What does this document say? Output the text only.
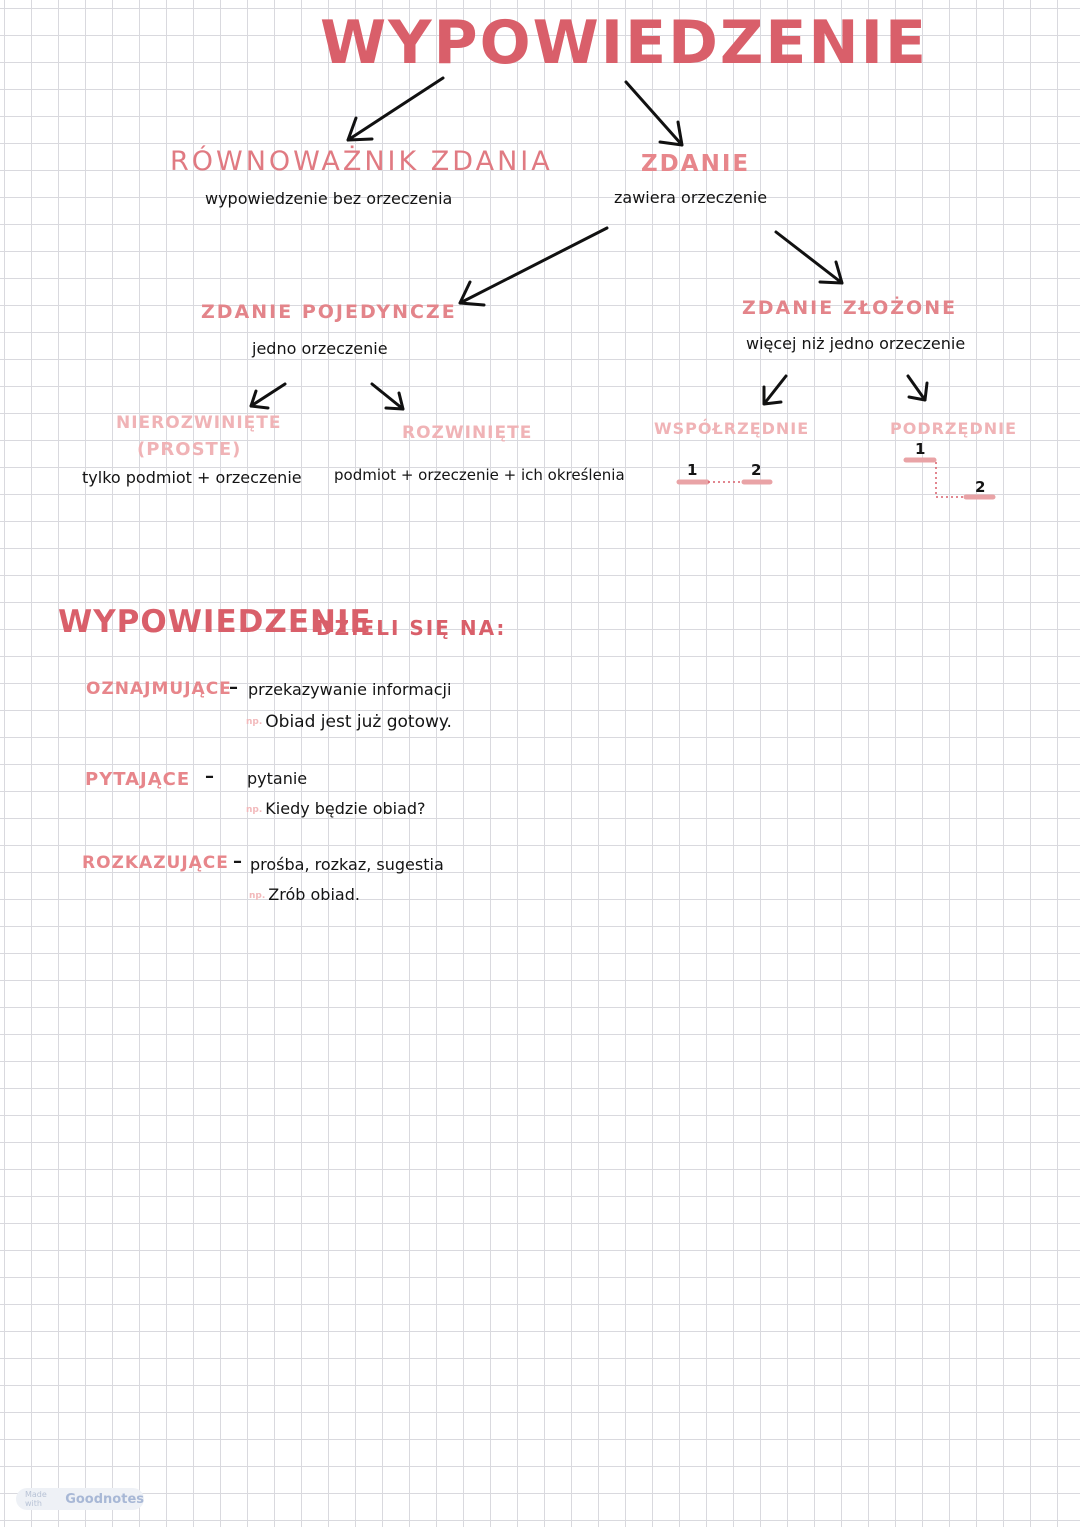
WYPOWIEDZENIE
RÓWNOWAŻNIK ZDANIA
wypowiedzenie bez orzeczenia
ZDANIE
zawiera orzeczenie
ZDANIE POJEDYNCZE
jedno orzeczenie
ZDANIE ZŁOŻONE
więcej niż jedno orzeczenie
NIEROZWINIĘTE
(PROSTE)
tylko podmiot + orzeczenie
ROZWINIĘTE
podmiot + orzeczenie + ich określenia
WSPÓŁRZĘDNIE
1	2
PODRZĘDNIE
1
2
WYPOWIEDZENIE
DZIELI SIĘ NA:
OZNAJMUJĄCE
– przekazywanie informacji
np. Obiad jest już gotowy.
PYTAJĄCE – pytanie
np. Kiedy będzie obiad?
ROZKAZUJĄCE – prośba, rozkaz, sugestia
np. Zrób obiad.
Made with	Goodnotes
